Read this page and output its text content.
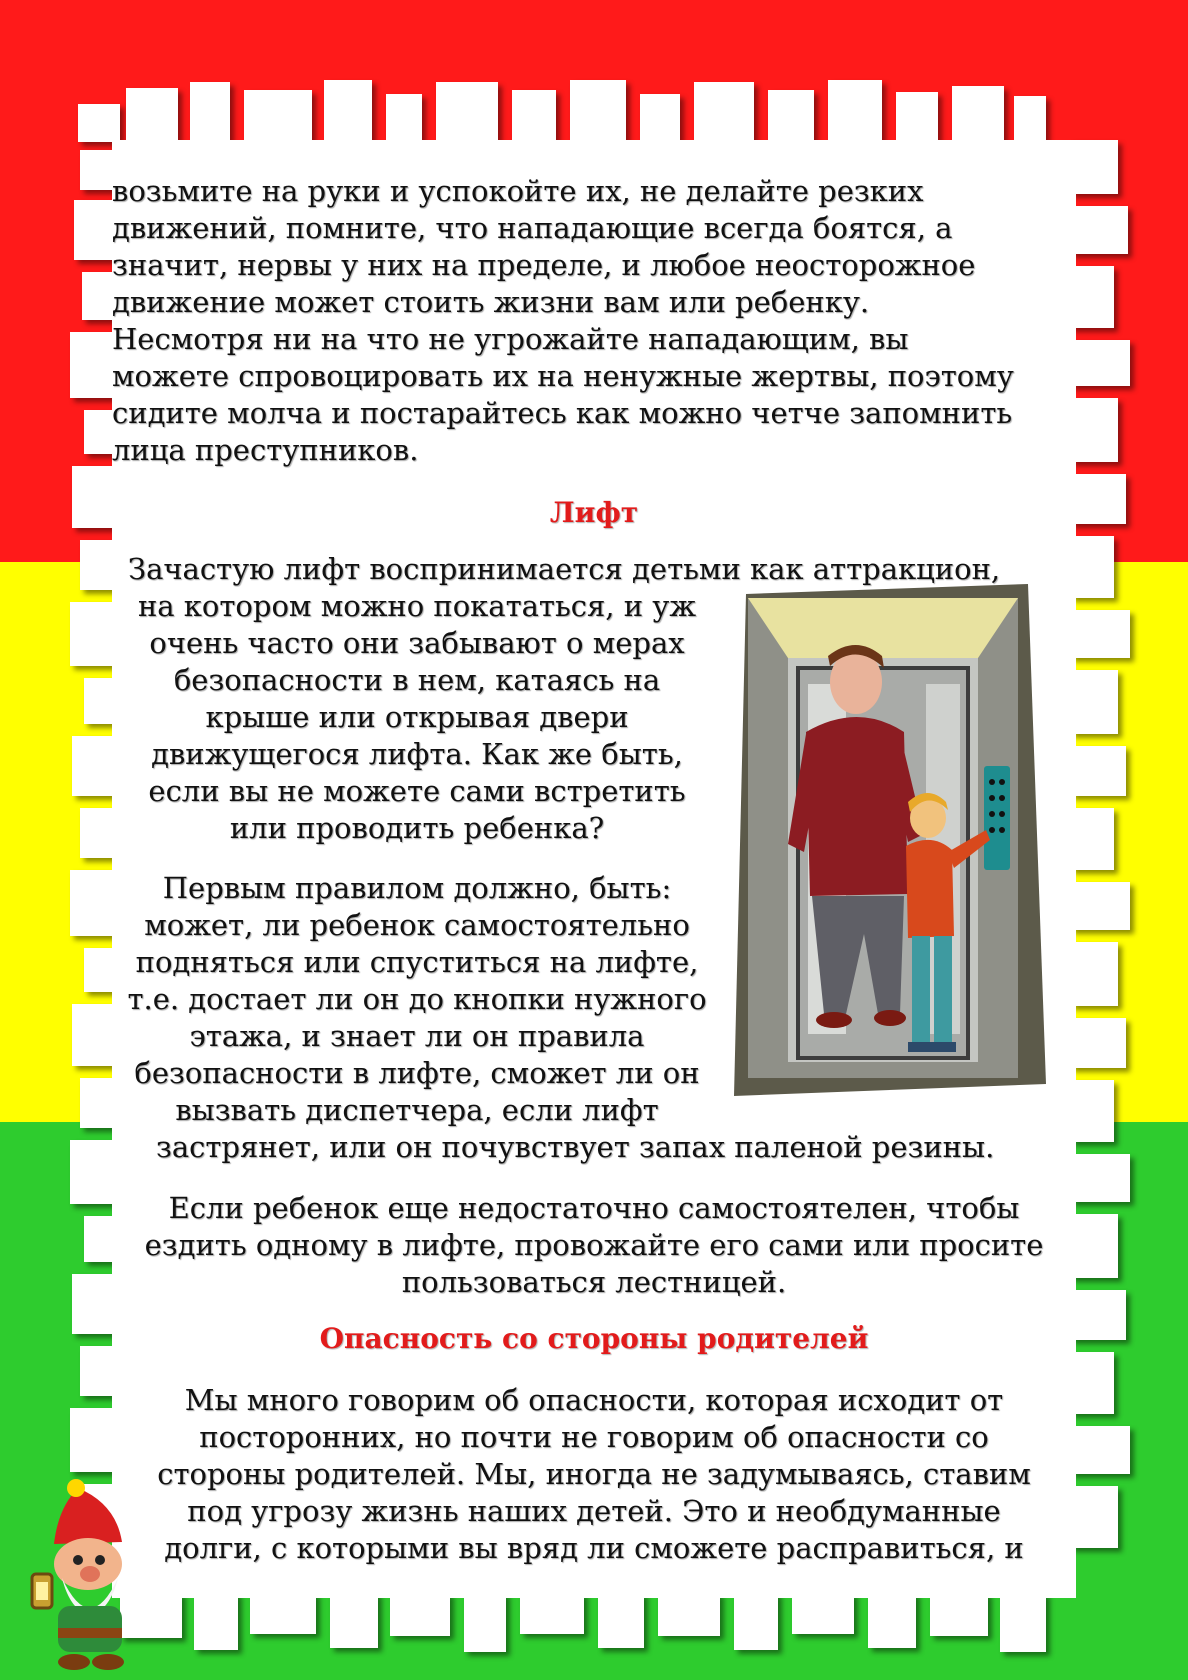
возьмите на руки и успокойте их, не делайте резких
движений, помните, что нападающие всегда боятся, а
значит, нервы у них на пределе, и любое неосторожное
движение может стоить жизни вам или ребенку.
Несмотря ни на что не угрожайте нападающим, вы
можете спровоцировать их на ненужные жертвы, поэтому
сидите молча и постарайтесь как можно четче запомнить
лица преступников.
Лифт
Зачастую лифт воспринимается детьми как аттракцион,
на котором можно покататься, и уж
очень часто они забывают о мерах
безопасности в нем, катаясь на
крыше или открывая двери
движущегося лифта. Как же быть,
если вы не можете сами встретить
или проводить ребенка?
Первым правилом должно, быть:
может, ли ребенок самостоятельно
подняться или спуститься на лифте,
т.е. достает ли он до кнопки нужного
этажа, и знает ли он правила
безопасности в лифте, сможет ли он
вызвать диспетчера, если лифт
застрянет, или он почувствует запах паленой резины.
Если ребенок еще недостаточно самостоятелен, чтобы
ездить одному в лифте, провожайте его сами или просите
пользоваться лестницей.
Опасность со стороны родителей
Мы много говорим об опасности, которая исходит от
посторонних, но почти не говорим об опасности со
стороны родителей. Мы, иногда не задумываясь, ставим
под угрозу жизнь наших детей. Это и необдуманные
долги, с которыми вы вряд ли сможете расправиться, и
